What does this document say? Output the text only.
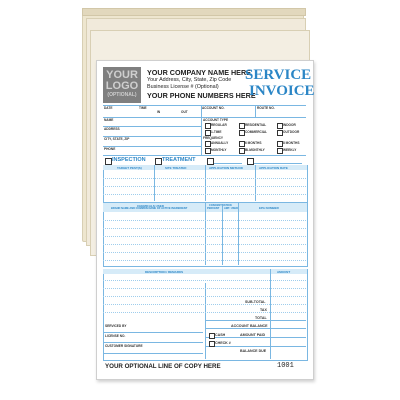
YOUR
LOGO
(OPTIONAL)
YOUR COMPANY NAME HERE
Your Address, City, State, Zip Code
Business License # (Optional)
YOUR PHONE NUMBERS HERE
SERVICE
INVOICE
DATE	TIME
IN	OUT
ACCOUNT NO.	ROUTE NO.
NAME
ADDRESS
CITY, STATE, ZIP
PHONE
ACCOUNT TYPE
REGULAR	RESIDENTIAL	INDOOR
1-TIME	COMMERCIAL	OUTDOOR
FREQUENCY
ANNUALLY	6 MONTHS	8 MONTHS
MONTHLY	BI-MONTHLY	WEEKLY
INSPECTION	TREATMENT
TARGET PEST(S)	SITE TREATED	APPLICATION METHOD	APPLICATION RATE
CHEMICALS USED
BRAND NAME AND COMMON NAME OF ACTIVE INGREDIENT
CONCENTRATION
PERCENT AMT. USED	EPA NUMBER
DESCRIPTION / REMARKS	AMOUNT
SUB-TOTAL
TAX
TOTAL
ACCOUNT BALANCE
AMOUNT PAID
BALANCE DUE
CASH
CHECK #
SERVICED BY
LICENSE NO.
CUSTOMER SIGNATURE
YOUR OPTIONAL LINE OF COPY HERE	1001
